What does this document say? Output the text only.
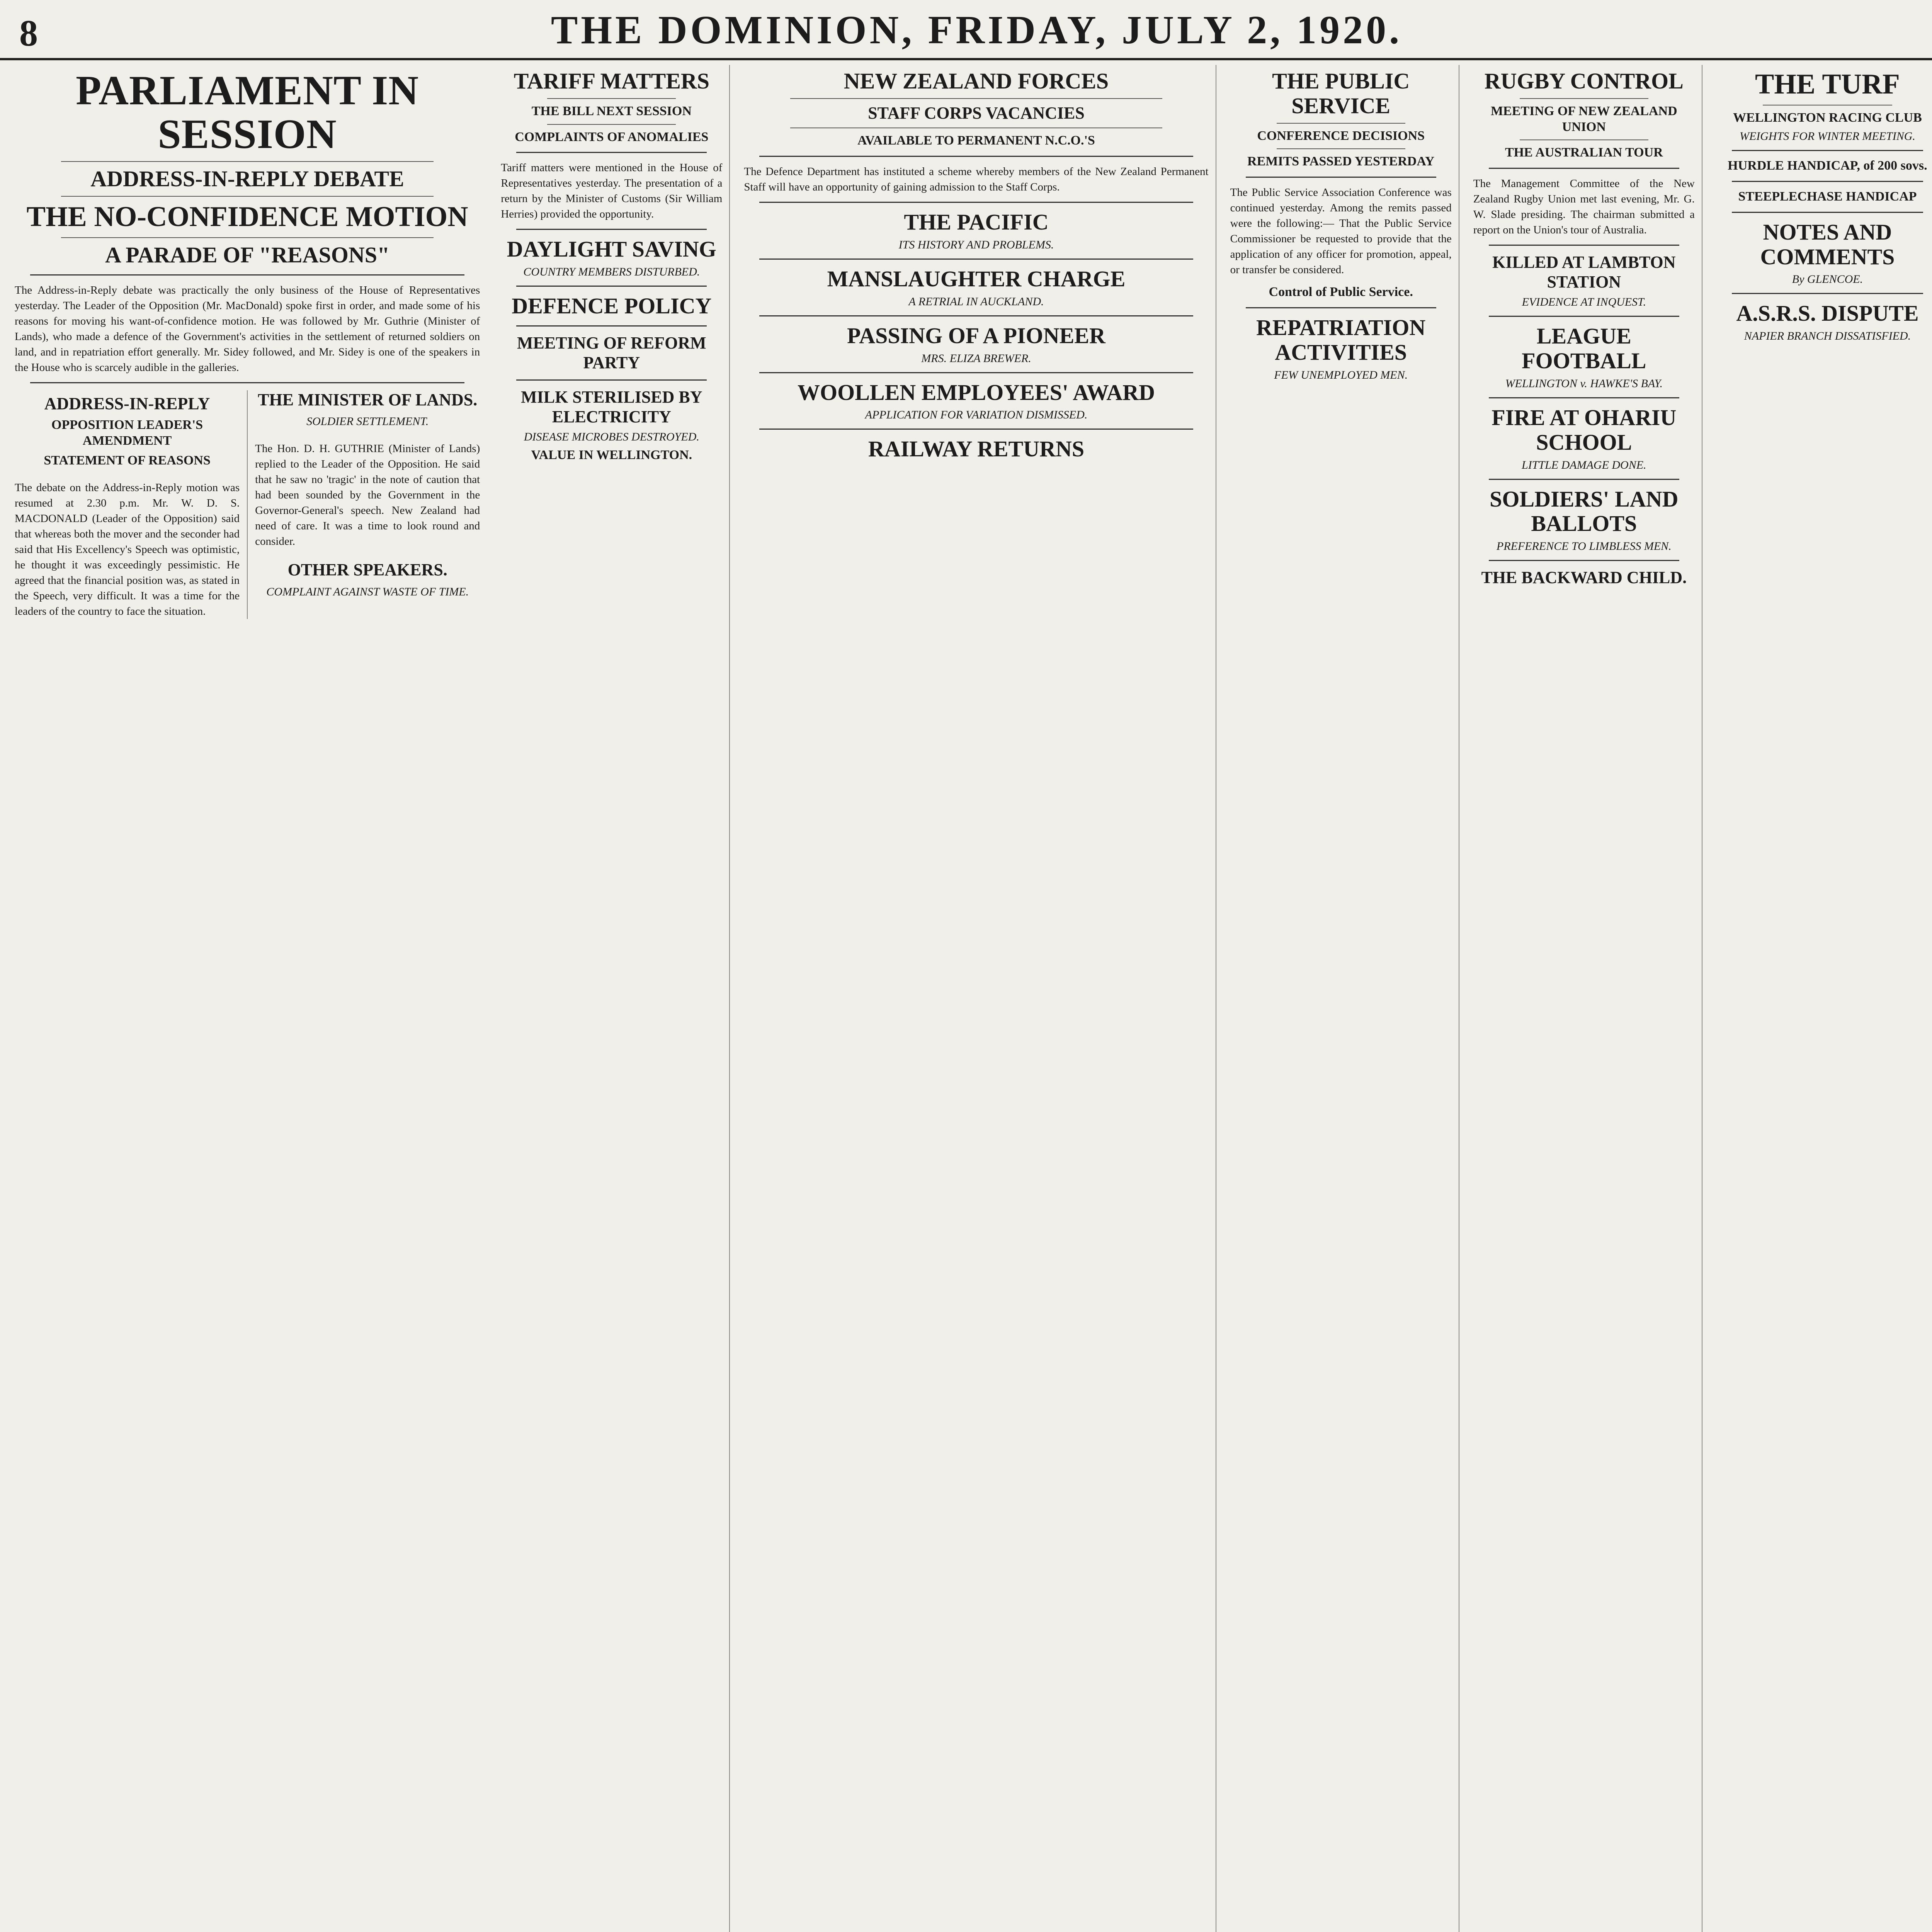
8	THE DOMINION, FRIDAY, JULY 2, 1920.
PARLIAMENT IN SESSION
ADDRESS-IN-REPLY DEBATE
THE NO-CONFIDENCE MOTION
A PARADE OF "REASONS"

The Address-in-Reply debate was practically the only business of the House of Representatives yesterday. The Leader of the Opposition (Mr. MacDonald) spoke first in order, and made some of his reasons for moving his want-of-confidence motion. He was followed by Mr. Guthrie (Minister of Lands), who made a defence of the Government's activities in the settlement of returned soldiers on land, and in repatriation effort generally. Mr. Sidey followed, and Mr. Sidey is one of the speakers in the House who is scarcely audible in the galleries.

ADDRESS-IN-REPLY
OPPOSITION LEADER'S AMENDMENT
STATEMENT OF REASONS

The debate on the Address-in-Reply motion was resumed at 2.30 p.m. Mr. W. D. S. MACDONALD (Leader of the Opposition) said that whereas both the mover and the seconder had said that His Excellency's Speech was optimistic, he thought it was exceedingly pessimistic. He agreed that the financial position was, as stated in the Speech, very difficult. It was a time for the leaders of the country to face the situation.

THE MINISTER OF LANDS.
SOLDIER SETTLEMENT.

The Hon. D. H. GUTHRIE (Minister of Lands) replied to the Leader of the Opposition. He said that he saw no 'tragic' in the note of caution that had been sounded by the Government in the Governor-General's speech. New Zealand had need of care. It was a time to look round and consider.

OTHER SPEAKERS.
COMPLAINT AGAINST WASTE OF TIME.
TARIFF MATTERS
THE BILL NEXT SESSION
COMPLAINTS OF ANOMALIES

Tariff matters were mentioned in the House of Representatives yesterday. The presentation of a return by the Minister of Customs (Sir William Herries) provided the opportunity.

DAYLIGHT SAVING
COUNTRY MEMBERS DISTURBED.
DEFENCE POLICY
MEETING OF REFORM PARTY
MILK STERILISED BY ELECTRICITY
DISEASE MICROBES DESTROYED.
VALUE IN WELLINGTON.
NEW ZEALAND FORCES
STAFF CORPS VACANCIES
AVAILABLE TO PERMANENT N.C.O.'S

The Defence Department has instituted a scheme whereby members of the New Zealand Permanent Staff will have an opportunity of gaining admission to the Staff Corps.

THE PACIFIC
ITS HISTORY AND PROBLEMS.
MANSLAUGHTER CHARGE
A RETRIAL IN AUCKLAND.
PASSING OF A PIONEER
MRS. ELIZA BREWER.
WOOLLEN EMPLOYEES' AWARD
APPLICATION FOR VARIATION DISMISSED.
RAILWAY RETURNS
THE PUBLIC SERVICE
CONFERENCE DECISIONS
REMITS PASSED YESTERDAY

The Public Service Association Conference was continued yesterday. Among the remits passed were the following:— That the Public Service Commissioner be requested to provide that the application of any officer for promotion, appeal, or transfer be considered.

Control of Public Service.
REPATRIATION ACTIVITIES
FEW UNEMPLOYED MEN.
RUGBY CONTROL
MEETING OF NEW ZEALAND UNION
THE AUSTRALIAN TOUR

The Management Committee of the New Zealand Rugby Union met last evening, Mr. G. W. Slade presiding. The chairman submitted a report on the Union's tour of Australia.

KILLED AT LAMBTON STATION
EVIDENCE AT INQUEST.
LEAGUE FOOTBALL
WELLINGTON v. HAWKE'S BAY.
FIRE AT OHARIU SCHOOL
LITTLE DAMAGE DONE.
SOLDIERS' LAND BALLOTS
PREFERENCE TO LIMBLESS MEN.
THE BACKWARD CHILD.
THE TURF
WELLINGTON RACING CLUB
WEIGHTS FOR WINTER MEETING.
HURDLE HANDICAP, of 200 sovs.
STEEPLECHASE HANDICAP
NOTES AND COMMENTS
By GLENCOE.
A.S.R.S. DISPUTE
NAPIER BRANCH DISSATISFIED.
